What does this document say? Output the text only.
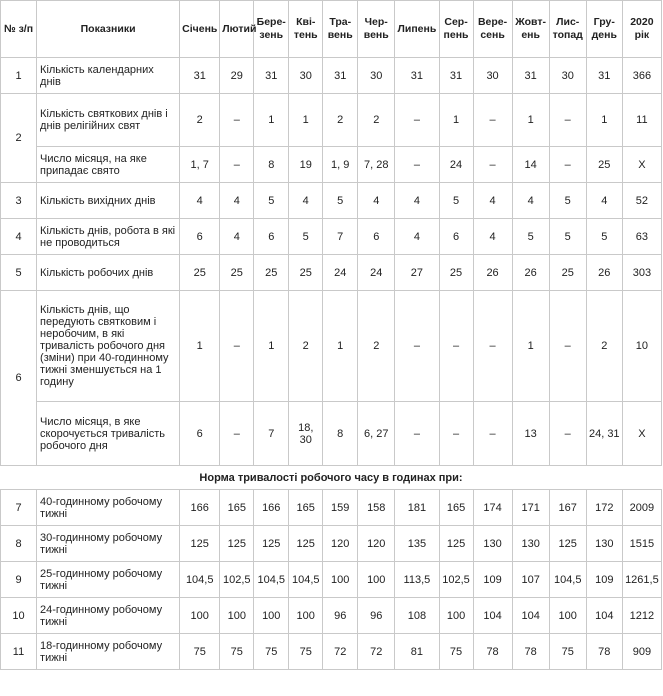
№ з/п	Показники	Січень	Лютий	Берe-зень	Кві-тень	Тра-вень	Чер-вень	Липень	Сер-пень	Вере-сень	Жовт-ень	Лис-топад	Гру-день	2020 рік
1	Кількість календарних днів	31	29	31	30	31	30	31	31	30	31	30	31	366
2	Кількість святкових днів і днів релігійних свят	2	–	1	1	2	2	–	1	–	1	–	1	11
	Число місяця, на яке припадає свято	1, 7	–	8	19	1, 9	7, 28	–	24	–	14	–	25	Х
3	Кількість вихідних днів	4	4	5	4	5	4	4	5	4	4	5	4	52
4	Кількість днів, робота в які не проводиться	6	4	6	5	7	6	4	6	4	5	5	5	63
5	Кількість робочих днів	25	25	25	25	24	24	27	25	26	26	25	26	303
6	Кількість днів, що передують святковим і неробочим, в які тривалість робочого дня (зміни) при 40-годинному тижні зменшується на 1 годину	1	–	1	2	1	2	–	–	–	1	–	2	10
	Число місяця, в яке скорочується тривалість робочого дня	6	–	7	18, 30	8	6, 27	–	–	–	13	–	24, 31	Х
Норма тривалості робочого часу в годинах при:														
7	40-годинному робочому тижні	166	165	166	165	159	158	181	165	174	171	167	172	2009
8	30-годинному робочому тижні	125	125	125	125	120	120	135	125	130	130	125	130	1515
9	25-годинному робочому тижні	104,5	102,5	104,5	104,5	100	100	113,5	102,5	109	107	104,5	109	1261,5
10	24-годинному робочому тижні	100	100	100	100	96	96	108	100	104	104	100	104	1212
11	18-годинному робочому тижні	75	75	75	75	72	72	81	75	78	78	75	78	909
